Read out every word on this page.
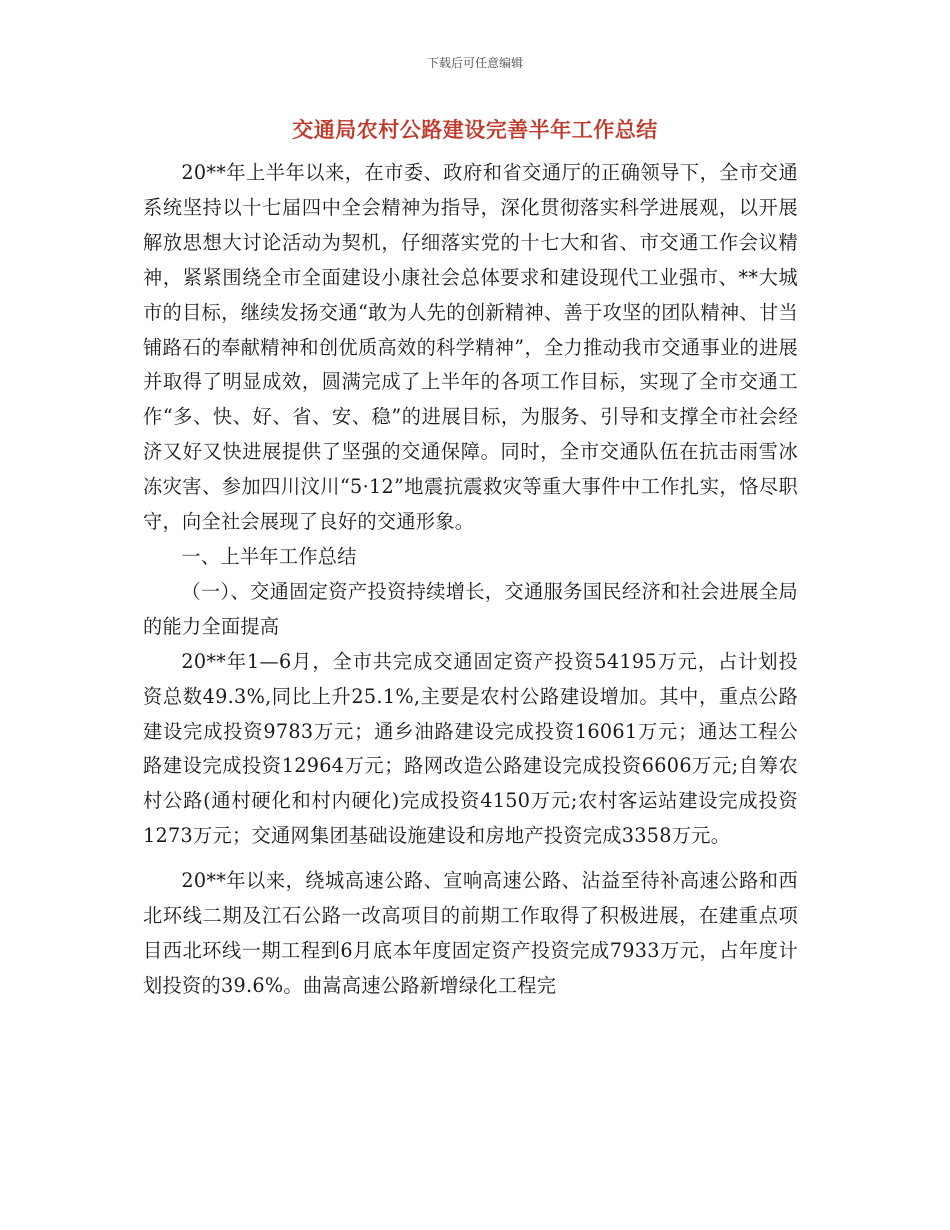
下载后可任意编辑
交通局农村公路建设完善半年工作总结

20**年上半年以来，在市委、政府和省交通厅的正确领导下，全市交通系统坚持以十七届四中全会精神为指导，深化贯彻落实科学进展观，以开展解放思想大讨论活动为契机，仔细落实党的十七大和省、市交通工作会议精神，紧紧围绕全市全面建设小康社会总体要求和建设现代工业强市、**大城市的目标，继续发扬交通“敢为人先的创新精神、善于攻坚的团队精神、甘当铺路石的奉献精神和创优质高效的科学精神”，全力推动我市交通事业的进展并取得了明显成效，圆满完成了上半年的各项工作目标，实现了全市交通工作“多、快、好、省、安、稳”的进展目标，为服务、引导和支撑全市社会经济又好又快进展提供了坚强的交通保障。同时，全市交通队伍在抗击雨雪冰冻灾害、参加四川汶川“5·12”地震抗震救灾等重大事件中工作扎实，恪尽职守，向全社会展现了良好的交通形象。

一、上半年工作总结

（一）、交通固定资产投资持续增长，交通服务国民经济和社会进展全局的能力全面提高

20**年1—6月，全市共完成交通固定资产投资54195万元，占计划投资总数49.3%,同比上升25.1%,主要是农村公路建设增加。其中，重点公路建设完成投资9783万元；通乡油路建设完成投资16061万元；通达工程公路建设完成投资12964万元；路网改造公路建设完成投资6606万元;自筹农村公路(通村硬化和村内硬化)完成投资4150万元;农村客运站建设完成投资1273万元；交通网集团基础设施建设和房地产投资完成3358万元。

20**年以来，绕城高速公路、宣响高速公路、沾益至待补高速公路和西北环线二期及江石公路一改高项目的前期工作取得了积极进展，在建重点项目西北环线一期工程到6月底本年度固定资产投资完成7933万元，占年度计划投资的39.6%。曲嵩高速公路新增绿化工程完
